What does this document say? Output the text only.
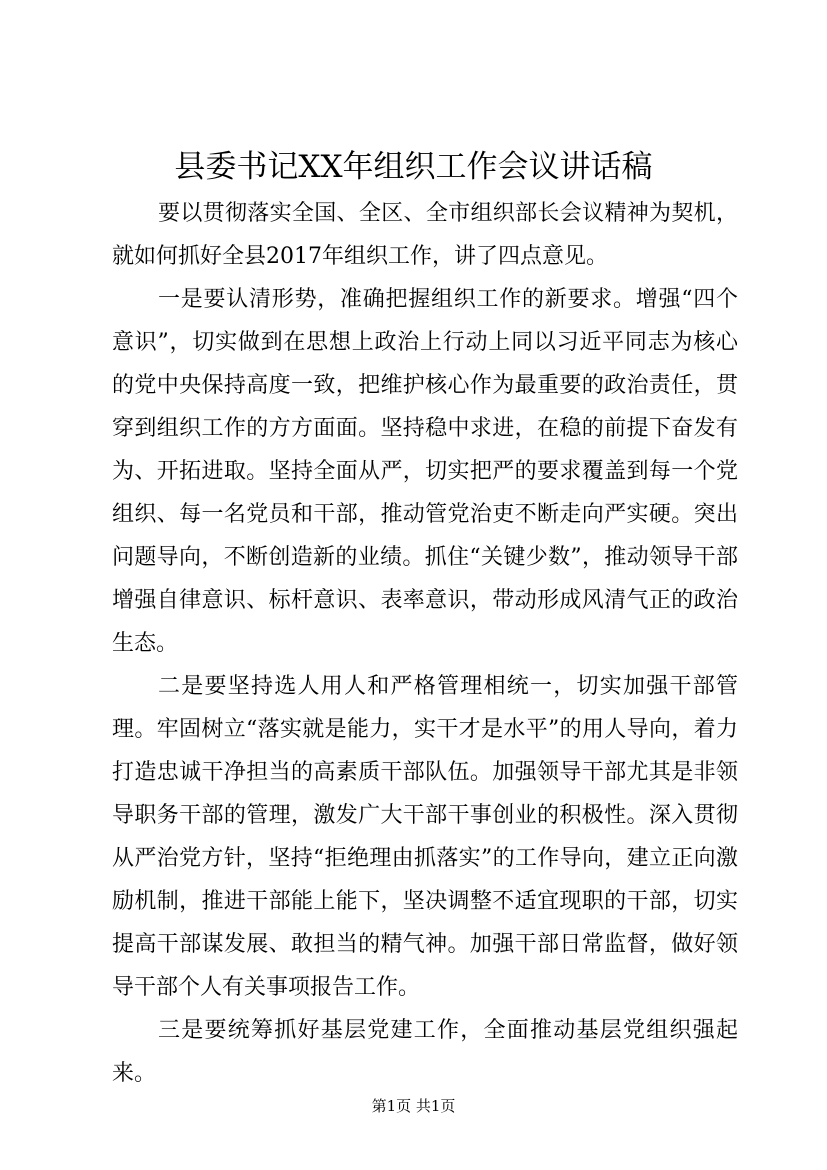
县委书记XX年组织工作会议讲话稿

要以贯彻落实全国、全区、全市组织部长会议精神为契机，就如何抓好全县2017年组织工作，讲了四点意见。

一是要认清形势，准确把握组织工作的新要求。增强“四个意识”，切实做到在思想上政治上行动上同以习近平同志为核心的党中央保持高度一致，把维护核心作为最重要的政治责任，贯穿到组织工作的方方面面。坚持稳中求进，在稳的前提下奋发有为、开拓进取。坚持全面从严，切实把严的要求覆盖到每一个党组织、每一名党员和干部，推动管党治吏不断走向严实硬。突出问题导向，不断创造新的业绩。抓住“关键少数”，推动领导干部增强自律意识、标杆意识、表率意识，带动形成风清气正的政治生态。

二是要坚持选人用人和严格管理相统一，切实加强干部管理。牢固树立“落实就是能力，实干才是水平”的用人导向，着力打造忠诚干净担当的高素质干部队伍。加强领导干部尤其是非领导职务干部的管理，激发广大干部干事创业的积极性。深入贯彻从严治党方针，坚持“拒绝理由抓落实”的工作导向，建立正向激励机制，推进干部能上能下，坚决调整不适宜现职的干部，切实提高干部谋发展、敢担当的精气神。加强干部日常监督，做好领导干部个人有关事项报告工作。

三是要统筹抓好基层党建工作，全面推动基层党组织强起来。

第1页 共1页
